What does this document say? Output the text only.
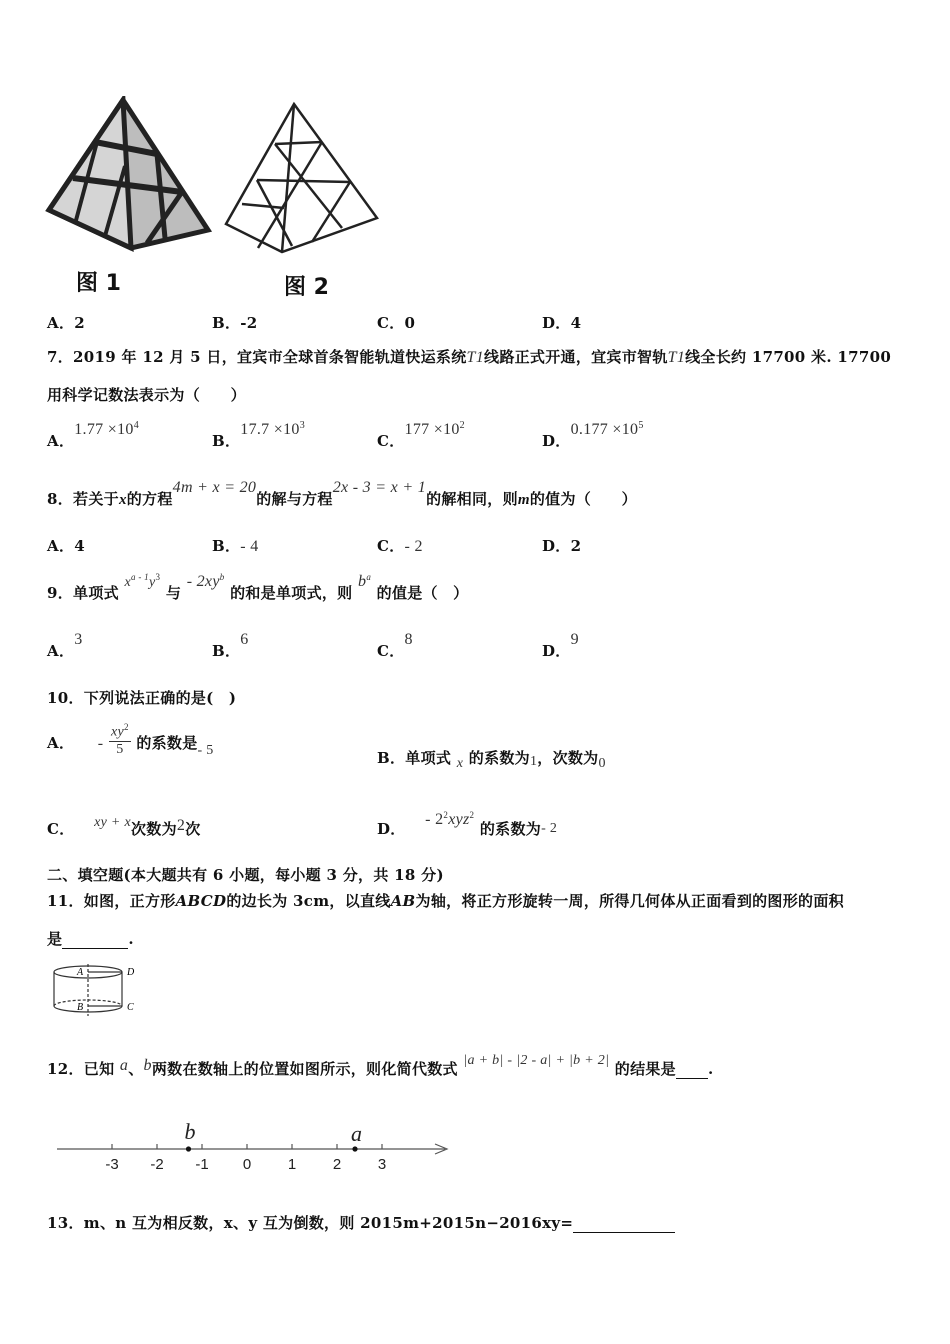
图 1	图 2
A．2	B．-2	C．0	D．4
7．2019 年 12 月 5 日，宜宾市全球首条智能轨道快运系统T1线路正式开通，宜宾市智轨T1线全长约 17700 米. 17700
用科学记数法表示为（　　）
A．$1.77 \times 10^4$
B．$17.7 \times 10^3$
C．$177 \times 10^2$
D．$0.177 \times 10^5$
8．若关于x的方程4m + x = 20的解与方程2x - 3 = x + 1的解相同，则m的值为（　　）
A．4	B．- 4	C．- 2	D．2
9．单项式 $x^{a - 1}y^3$ 与 - $2xy^b$ 的和是单项式，则 $b^a$ 的值是（　）
A．3
B．6
C．8
D．9
10．下列说法正确的是(　)
A． - $\frac{xy^2}{5}$ 的系数是- 5	B．单项式 x 的系数为1，次数为0
C． xy + x次数为2次	D． - $2^2xyz^2$ 的系数为- 2
二、填空题(本大题共有 6 小题，每小题 3 分，共 18 分)
11．如图，正方形ABCD的边长为 3cm，以直线AB为轴，将正方形旋转一周，所得几何体从正面看到的图形的面积
是	.
A	D
B	C
12．已知 a、b两数在数轴上的位置如图所示，则化简代数式 |a + b| - |2 - a| + |b + 2| 的结果是 .
-3 -2 -1 0 1 2 3
b	a
13．m、n 互为相反数，x、y 互为倒数，则 2015m+2015n−2016xy=
